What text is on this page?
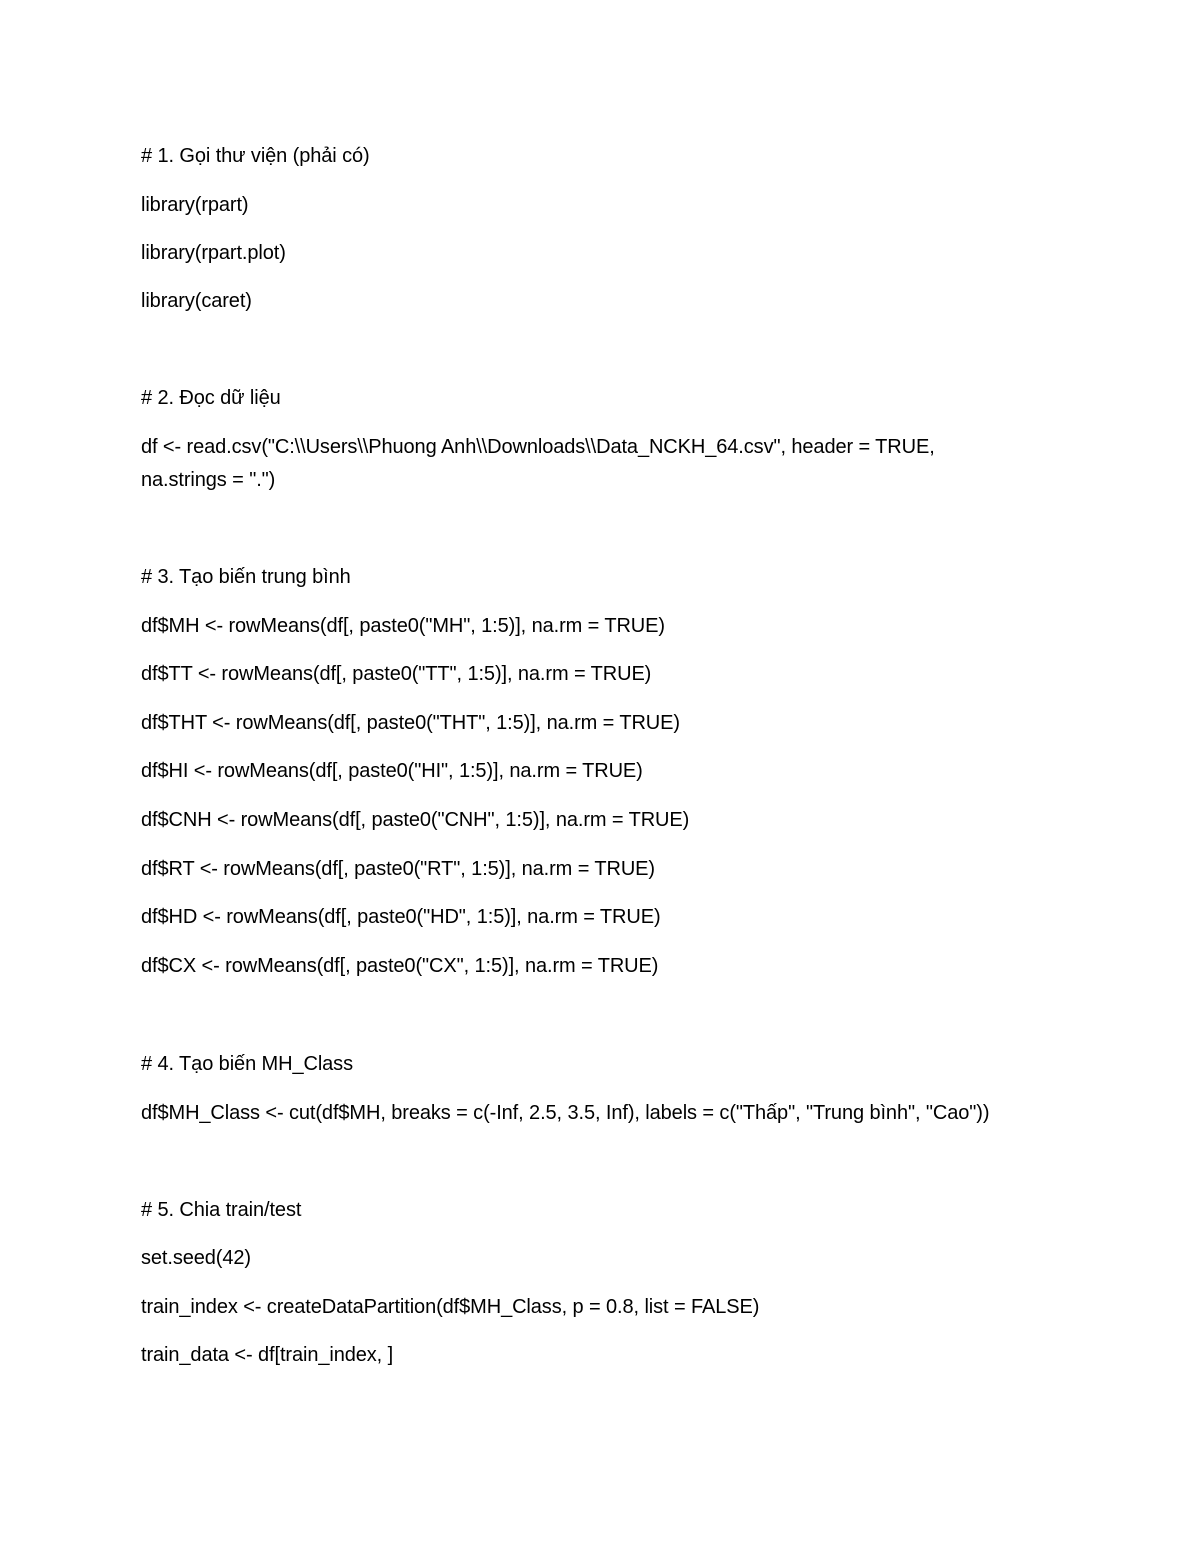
# 1. Gọi thư viện (phải có)
library(rpart)
library(rpart.plot)
library(caret)
# 2. Đọc dữ liệu
df <- read.csv("C:\\Users\\Phuong Anh\\Downloads\\Data_NCKH_64.csv", header = TRUE,
na.strings = ".")
# 3. Tạo biến trung bình
df$MH <- rowMeans(df[, paste0("MH", 1:5)], na.rm = TRUE)
df$TT <- rowMeans(df[, paste0("TT", 1:5)], na.rm = TRUE)
df$THT <- rowMeans(df[, paste0("THT", 1:5)], na.rm = TRUE)
df$HI <- rowMeans(df[, paste0("HI", 1:5)], na.rm = TRUE)
df$CNH <- rowMeans(df[, paste0("CNH", 1:5)], na.rm = TRUE)
df$RT <- rowMeans(df[, paste0("RT", 1:5)], na.rm = TRUE)
df$HD <- rowMeans(df[, paste0("HD", 1:5)], na.rm = TRUE)
df$CX <- rowMeans(df[, paste0("CX", 1:5)], na.rm = TRUE)
# 4. Tạo biến MH_Class
df$MH_Class <- cut(df$MH, breaks = c(-Inf, 2.5, 3.5, Inf), labels = c("Thấp", "Trung bình", "Cao"))
# 5. Chia train/test
set.seed(42)
train_index <- createDataPartition(df$MH_Class, p = 0.8, list = FALSE)
train_data <- df[train_index, ]
